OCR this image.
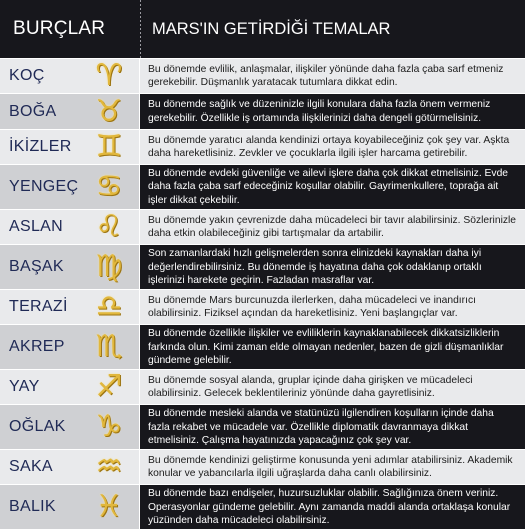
BURÇLAR	MARS'IN GETİRDİĞİ TEMALAR
KOÇ ♈	Bu dönemde evlilik, anlaşmalar, ilişkiler yönünde daha fazla çaba sarf etmeniz gerekebilir. Düşmanlık yaratacak tutumlara dikkat edin.
BOĞA ♉	Bu dönemde sağlık ve düzeninizle ilgili konulara daha fazla önem vermeniz gerekebilir. Özellikle iş ortamında ilişkilerinizi daha dengeli götürmelisiniz.
İKİZLER ♊	Bu dönemde yaratıcı alanda kendinizi ortaya koyabileceğiniz çok şey var. Aşkta daha hareketlisiniz. Zevkler ve çocuklarla ilgili işler harcama getirebilir.
YENGEÇ ♋	Bu dönemde evdeki güvenliğe ve ailevi işlere daha çok dikkat etmelisiniz. Evde daha fazla çaba sarf edeceğiniz koşullar olabilir. Gayrimenkullere, toprağa ait işler dikkat çekebilir.
ASLAN ♌	Bu dönemde yakın çevrenizde daha mücadeleci bir tavır alabilirsiniz. Sözlerinizle daha etkin olabileceğiniz gibi tartışmalar da artabilir.
BAŞAK ♍	Son zamanlardaki hızlı gelişmelerden sonra elinizdeki kaynakları daha iyi değerlendirebilirsiniz. Bu dönemde iş hayatına daha çok odaklanıp ortaklı işlerinizi harekete geçirin. Fazladan masraflar var.
TERAZİ ♎	Bu dönemde Mars burcunuzda ilerlerken, daha mücadeleci ve inandırıcı olabilirsiniz. Fiziksel açından da hareketlisiniz. Yeni başlangıçlar var.
AKREP ♏	Bu dönemde özellikle ilişkiler ve evliliklerin kaynaklanabilecek dikkatsizliklerin farkında olun. Kimi zaman elde olmayan nedenler, bazen de gizli düşmanlıklar gündeme gelebilir.
YAY ♐	Bu dönemde sosyal alanda, gruplar içinde daha girişken ve mücadeleci olabilirsiniz. Gelecek beklentileriniz yönünde daha gayretlisiniz.
OĞLAK ♑	Bu dönemde mesleki alanda ve statünüzü ilgilendiren koşulların içinde daha fazla rekabet ve mücadele var. Özellikle diplomatik davranmaya dikkat etmelisiniz. Çalışma hayatınızda yapacağınız çok şey var.
SAKA ♒	Bu dönemde kendinizi geliştirme konusunda yeni adımlar atabilirsiniz. Akademik konular ve yabancılarla ilgili uğraşlarda daha canlı olabilirsiniz.
BALIK ♓	Bu dönemde bazı endişeler, huzursuzluklar olabilir. Sağlığınıza önem veriniz. Operasyonlar gündeme gelebilir. Aynı zamanda maddi alanda ortaklaşa konular yüzünden daha mücadeleci olabilirsiniz.
